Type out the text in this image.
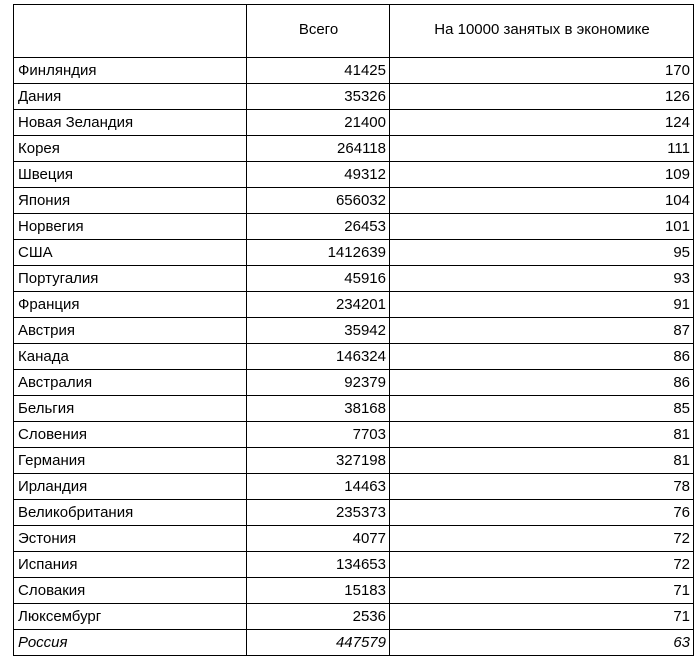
	Всего	На 10000 занятых в экономике
Финляндия	41425	170
Дания	35326	126
Новая Зеландия	21400	124
Корея	264118	111
Швеция	49312	109
Япония	656032	104
Норвегия	26453	101
США	1412639	95
Португалия	45916	93
Франция	234201	91
Австрия	35942	87
Канада	146324	86
Австралия	92379	86
Бельгия	38168	85
Словения	7703	81
Германия	327198	81
Ирландия	14463	78
Великобритания	235373	76
Эстония	4077	72
Испания	134653	72
Словакия	15183	71
Люксембург	2536	71
Россия	447579	63
